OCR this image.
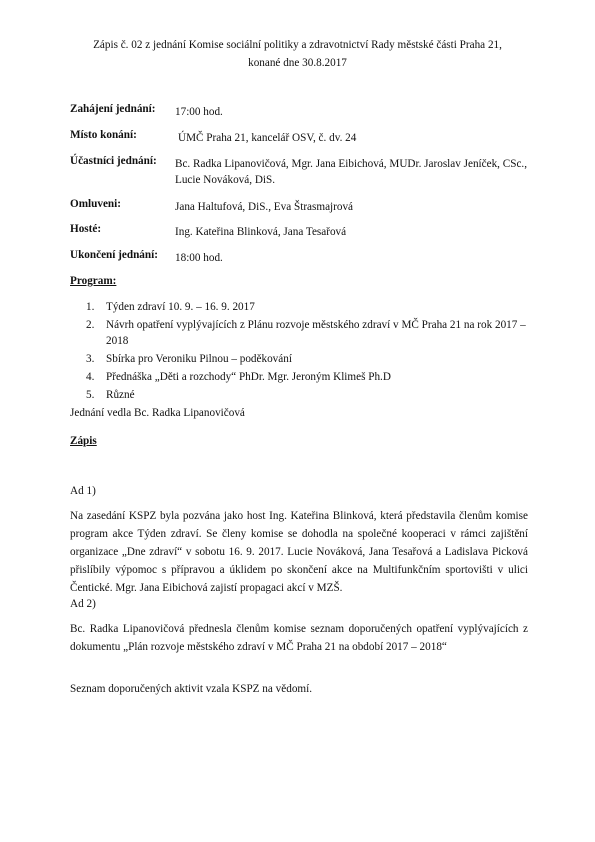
Zápis č. 02 z jednání Komise sociální politiky a zdravotnictví Rady městské části Praha 21,
konané dne 30.8.2017
Zahájení jednání: 17:00 hod.
Místo konání:	ÚMČ Praha 21, kancelář OSV, č. dv. 24
Účastníci jednání: Bc. Radka Lipanovičová, Mgr. Jana Eibichová, MUDr. Jaroslav Jeníček, CSc., Lucie Nováková, DiS.
Omluveni:	Jana Haltufová, DiS., Eva Štrasmajrová
Hosté:	Ing. Kateřina Blinková, Jana Tesařová
Ukončení jednání: 18:00 hod.
Program:
1. Týden zdraví 10. 9. – 16. 9. 2017
2. Návrh opatření vyplývajících z Plánu rozvoje městského zdraví v MČ Praha 21 na rok 2017 – 2018
3. Sbírka pro Veroniku Pilnou – poděkování
4. Přednáška „Děti a rozchody“ PhDr. Mgr. Jeroným Klimeš Ph.D
5. Různé
Jednání vedla Bc. Radka Lipanovičová
Zápis
Ad 1)
Na zasedání KSPZ byla pozvána jako host Ing. Kateřina Blinková, která představila členům komise program akce Týden zdraví. Se členy komise se dohodla na společné kooperaci v rámci zajištění organizace „Dne zdraví“ v sobotu 16. 9. 2017. Lucie Nováková, Jana Tesařová a Ladislava Picková přislíbily výpomoc s přípravou a úklidem po skončení akce na Multifunkčním sportovišti v ulici Čentické. Mgr. Jana Eibichová zajistí propagaci akcí v MZŠ.
Ad 2)
Bc. Radka Lipanovičová přednesla členům komise seznam doporučených opatření vyplývajících z dokumentu „Plán rozvoje městského zdraví v MČ Praha 21 na období 2017 – 2018“
Seznam doporučených aktivit vzala KSPZ na vědomí.
